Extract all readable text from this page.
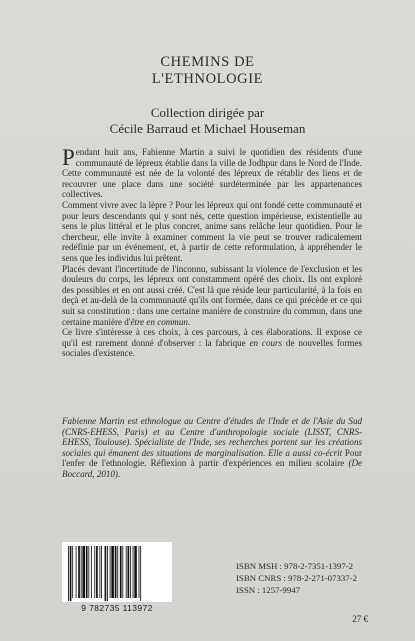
CHEMINS DE
L'ETHNOLOGIE
Collection dirigée par
Cécile Barraud et Michael Houseman

Pendant huit ans, Fabienne Martin a suivi le quotidien des résidents d'une communauté de lépreux établie dans la ville de Jodhpur dans le Nord de l'Inde. Cette communauté est née de la volonté des lépreux de rétablir des liens et de recouvrer une place dans une société surdéterminée par les appartenances collectives.

Comment vivre avec la lèpre ? Pour les lépreux qui ont fondé cette communauté et pour leurs descendants qui y sont nés, cette question impérieuse, existentielle au sens le plus littéral et le plus concret, anime sans relâche leur quotidien. Pour le chercheur, elle invite à examiner comment la vie peut se trouver radicalement redéfinie par un événement, et, à partir de cette reformulation, à appréhender le sens que les individus lui prêtent.

Placés devant l'incertitude de l'inconnu, subissant la violence de l'exclusion et les douleurs du corps, les lépreux ont constamment opéré des choix. Ils ont exploré des possibles et en ont aussi créé. C'est là que réside leur particularité, à la fois en deçà et au-delà de la communauté qu'ils ont formée, dans ce qui précède et ce qui suit sa constitution : dans une certaine manière de construire du commun, dans une certaine manière d'être en commun.

Ce livre s'intéresse à ces choix, à ces parcours, à ces élaborations. Il expose ce qu'il est rarement donné d'observer : la fabrique en cours de nouvelles formes sociales d'existence.

Fabienne Martin est ethnologue au Centre d'études de l'Inde et de l'Asie du Sud (CNRS-EHESS, Paris) et au Centre d'anthropologie sociale (LISST, CNRS-EHESS, Toulouse). Spécialiste de l'Inde, ses recherches portent sur les créations sociales qui émanent des situations de marginalisation. Elle a aussi co-écrit Pour l'enfer de l'ethnologie. Réflexion à partir d'expériences en milieu scolaire (De Boccard, 2010).
9 782735 113972
ISBN MSH : 978-2-7351-1397-2
ISBN CNRS : 978-2-271-07337-2
ISSN : 1257-9947
27 €
